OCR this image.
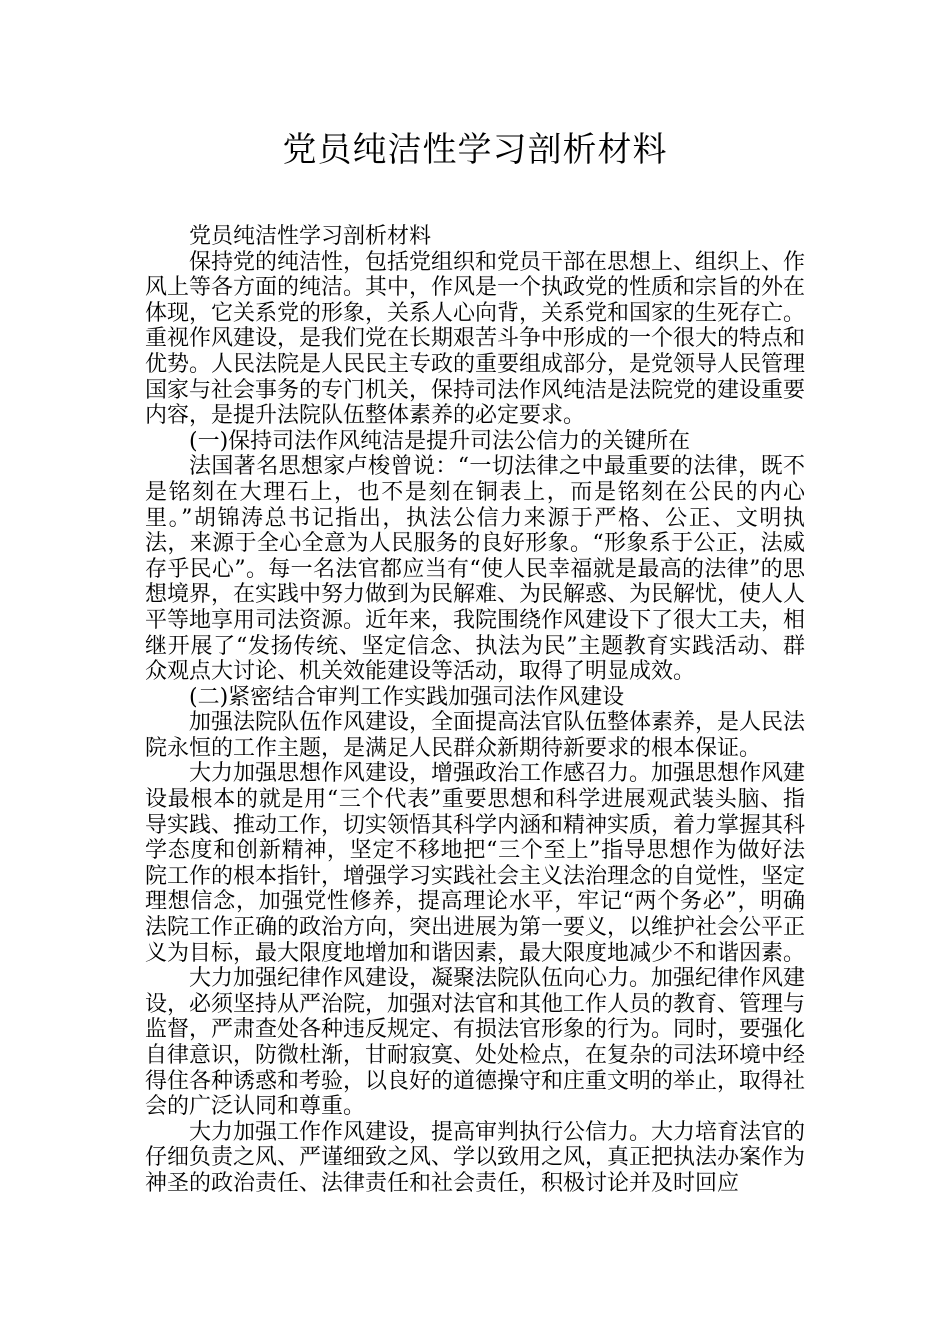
党员纯洁性学习剖析材料

党员纯洁性学习剖析材料

保持党的纯洁性，包括党组织和党员干部在思想上、组织上、作风上等各方面的纯洁。其中，作风是一个执政党的性质和宗旨的外在体现，它关系党的形象，关系人心向背，关系党和国家的生死存亡。重视作风建设，是我们党在长期艰苦斗争中形成的一个很大的特点和优势。人民法院是人民民主专政的重要组成部分，是党领导人民管理国家与社会事务的专门机关，保持司法作风纯洁是法院党的建设重要内容，是提升法院队伍整体素养的必定要求。

(一)保持司法作风纯洁是提升司法公信力的关键所在

法国著名思想家卢梭曾说：“一切法律之中最重要的法律，既不是铭刻在大理石上，也不是刻在铜表上，而是铭刻在公民的内心里。”胡锦涛总书记指出，执法公信力来源于严格、公正、文明执法，来源于全心全意为人民服务的良好形象。“形象系于公正，法威存乎民心”。每一名法官都应当有“使人民幸福就是最高的法律”的思想境界，在实践中努力做到为民解难、为民解惑、为民解忧，使人人平等地享用司法资源。近年来，我院围绕作风建设下了很大工夫，相继开展了“发扬传统、坚定信念、执法为民”主题教育实践活动、群众观点大讨论、机关效能建设等活动，取得了明显成效。

(二)紧密结合审判工作实践加强司法作风建设

加强法院队伍作风建设，全面提高法官队伍整体素养，是人民法院永恒的工作主题，是满足人民群众新期待新要求的根本保证。

大力加强思想作风建设，增强政治工作感召力。加强思想作风建设最根本的就是用“三个代表”重要思想和科学进展观武装头脑、指导实践、推动工作，切实领悟其科学内涵和精神实质，着力掌握其科学态度和创新精神，坚定不移地把“三个至上”指导思想作为做好法院工作的根本指针，增强学习实践社会主义法治理念的自觉性，坚定理想信念，加强党性修养，提高理论水平，牢记“两个务必”，明确法院工作正确的政治方向，突出进展为第一要义，以维护社会公平正义为目标，最大限度地增加和谐因素，最大限度地减少不和谐因素。

大力加强纪律作风建设，凝聚法院队伍向心力。加强纪律作风建设，必须坚持从严治院，加强对法官和其他工作人员的教育、管理与监督，严肃查处各种违反规定、有损法官形象的行为。同时，要强化自律意识，防微杜渐，甘耐寂寞、处处检点，在复杂的司法环境中经得住各种诱惑和考验，以良好的道德操守和庄重文明的举止，取得社会的广泛认同和尊重。

大力加强工作作风建设，提高审判执行公信力。大力培育法官的仔细负责之风、严谨细致之风、学以致用之风，真正把执法办案作为神圣的政治责任、法律责任和社会责任，积极讨论并及时回应
